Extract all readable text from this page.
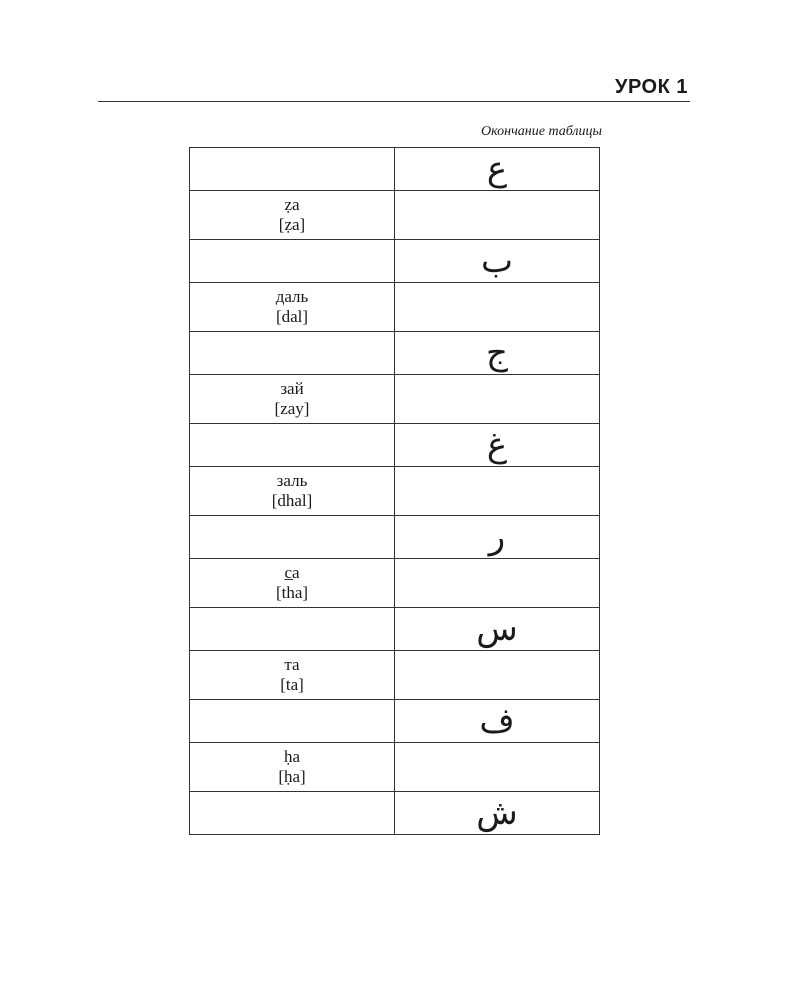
УРОК 1
Окончание таблицы

	ع

ẓa
[ẓa]	

	ب

даль
[dal]	

	ج

зай
[zay]	

	غ

заль
[dhal]	

	ر

c̲a
[tha]	

	س

та
[ta]	

	ف

ḥa
[ḥa]	

	ش
